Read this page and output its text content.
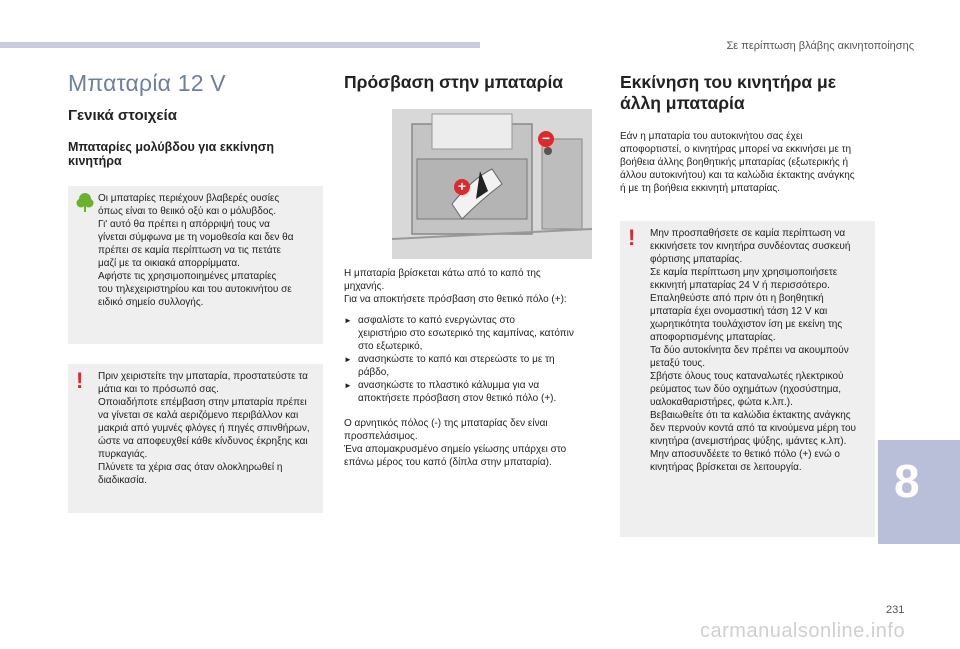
Σε περίπτωση βλάβης ακινητοποίησης
Μπαταρία 12 V
Γενικά στοιχεία
Μπαταρίες μολύβδου για εκκίνηση κινητήρα

Οι μπαταρίες περιέχουν βλαβερές ουσίες
όπως είναι το θειικό οξύ και ο μόλυβδος.
Γι' αυτό θα πρέπει η απόρριψή τους να
γίνεται σύμφωνα με τη νομοθεσία και δεν θα
πρέπει σε καμία περίπτωση να τις πετάτε
μαζί με τα οικιακά απορρίμματα.
Αφήστε τις χρησιμοποιημένες μπαταρίες
του τηλεχειριστηρίου και του αυτοκινήτου σε
ειδικό σημείο συλλογής.

!	Πριν χειριστείτε την μπαταρία, προστατεύστε τα
μάτια και το πρόσωπό σας.
Οποιαδήποτε επέμβαση στην μπαταρία πρέπει
να γίνεται σε καλά αεριζόμενο περιβάλλον και
μακριά από γυμνές φλόγες ή πηγές σπινθήρων,
ώστε να αποφευχθεί κάθε κίνδυνος έκρηξης και
πυρκαγιάς.
Πλύνετε τα χέρια σας όταν ολοκληρωθεί η
διαδικασία.

Πρόσβαση στην μπαταρία
+
−

Η μπαταρία βρίσκεται κάτω από το καπό της
μηχανής.
Για να αποκτήσετε πρόσβαση στο θετικό πόλο (+):

► ασφαλίστε το καπό ενεργώντας στο
χειριστήριο στο εσωτερικό της καμπίνας, κατόπιν
στο εξωτερικό,
► ανασηκώστε το καπό και στερεώστε το με τη
ράβδο,
► ανασηκώστε το πλαστικό κάλυμμα για να
αποκτήσετε πρόσβαση στον θετικό πόλο (+).

Ο αρνητικός πόλος (-) της μπαταρίας δεν είναι
προσπελάσιμος.
Ένα απομακρυσμένο σημείο γείωσης υπάρχει στο
επάνω μέρος του καπό (δίπλα στην μπαταρία).

Εκκίνηση του κινητήρα με άλλη μπαταρία

Εάν η μπαταρία του αυτοκινήτου σας έχει
αποφορτιστεί, ο κινητήρας μπορεί να εκκινήσει με τη
βοήθεια άλλης βοηθητικής μπαταρίας (εξωτερικής ή
άλλου αυτοκινήτου) και τα καλώδια έκτακτης ανάγκης
ή με τη βοήθεια εκκινητή μπαταρίας.

!	Μην προσπαθήσετε σε καμία περίπτωση να
εκκινήσετε τον κινητήρα συνδέοντας συσκευή
φόρτισης μπαταρίας.
Σε καμία περίπτωση μην χρησιμοποιήσετε
εκκινητή μπαταρίας 24 V ή περισσότερο.
Επαληθεύστε από πριν ότι η βοηθητική
μπαταρία έχει ονομαστική τάση 12 V και
χωρητικότητα τουλάχιστον ίση με εκείνη της
αποφορτισμένης μπαταρίας.
Τα δύο αυτοκίνητα δεν πρέπει να ακουμπούν
μεταξύ τους.
Σβήστε όλους τους καταναλωτές ηλεκτρικού
ρεύματος των δύο οχημάτων (ηχοσύστημα,
υαλοκαθαριστήρες, φώτα κ.λπ.).
Βεβαιωθείτε ότι τα καλώδια έκτακτης ανάγκης
δεν περνούν κοντά από τα κινούμενα μέρη του
κινητήρα (ανεμιστήρας ψύξης, ιμάντες κ.λπ).
Μην αποσυνδέετε το θετικό πόλο (+) ενώ ο
κινητήρας βρίσκεται σε λειτουργία.	8
231
carmanualsonline.info
